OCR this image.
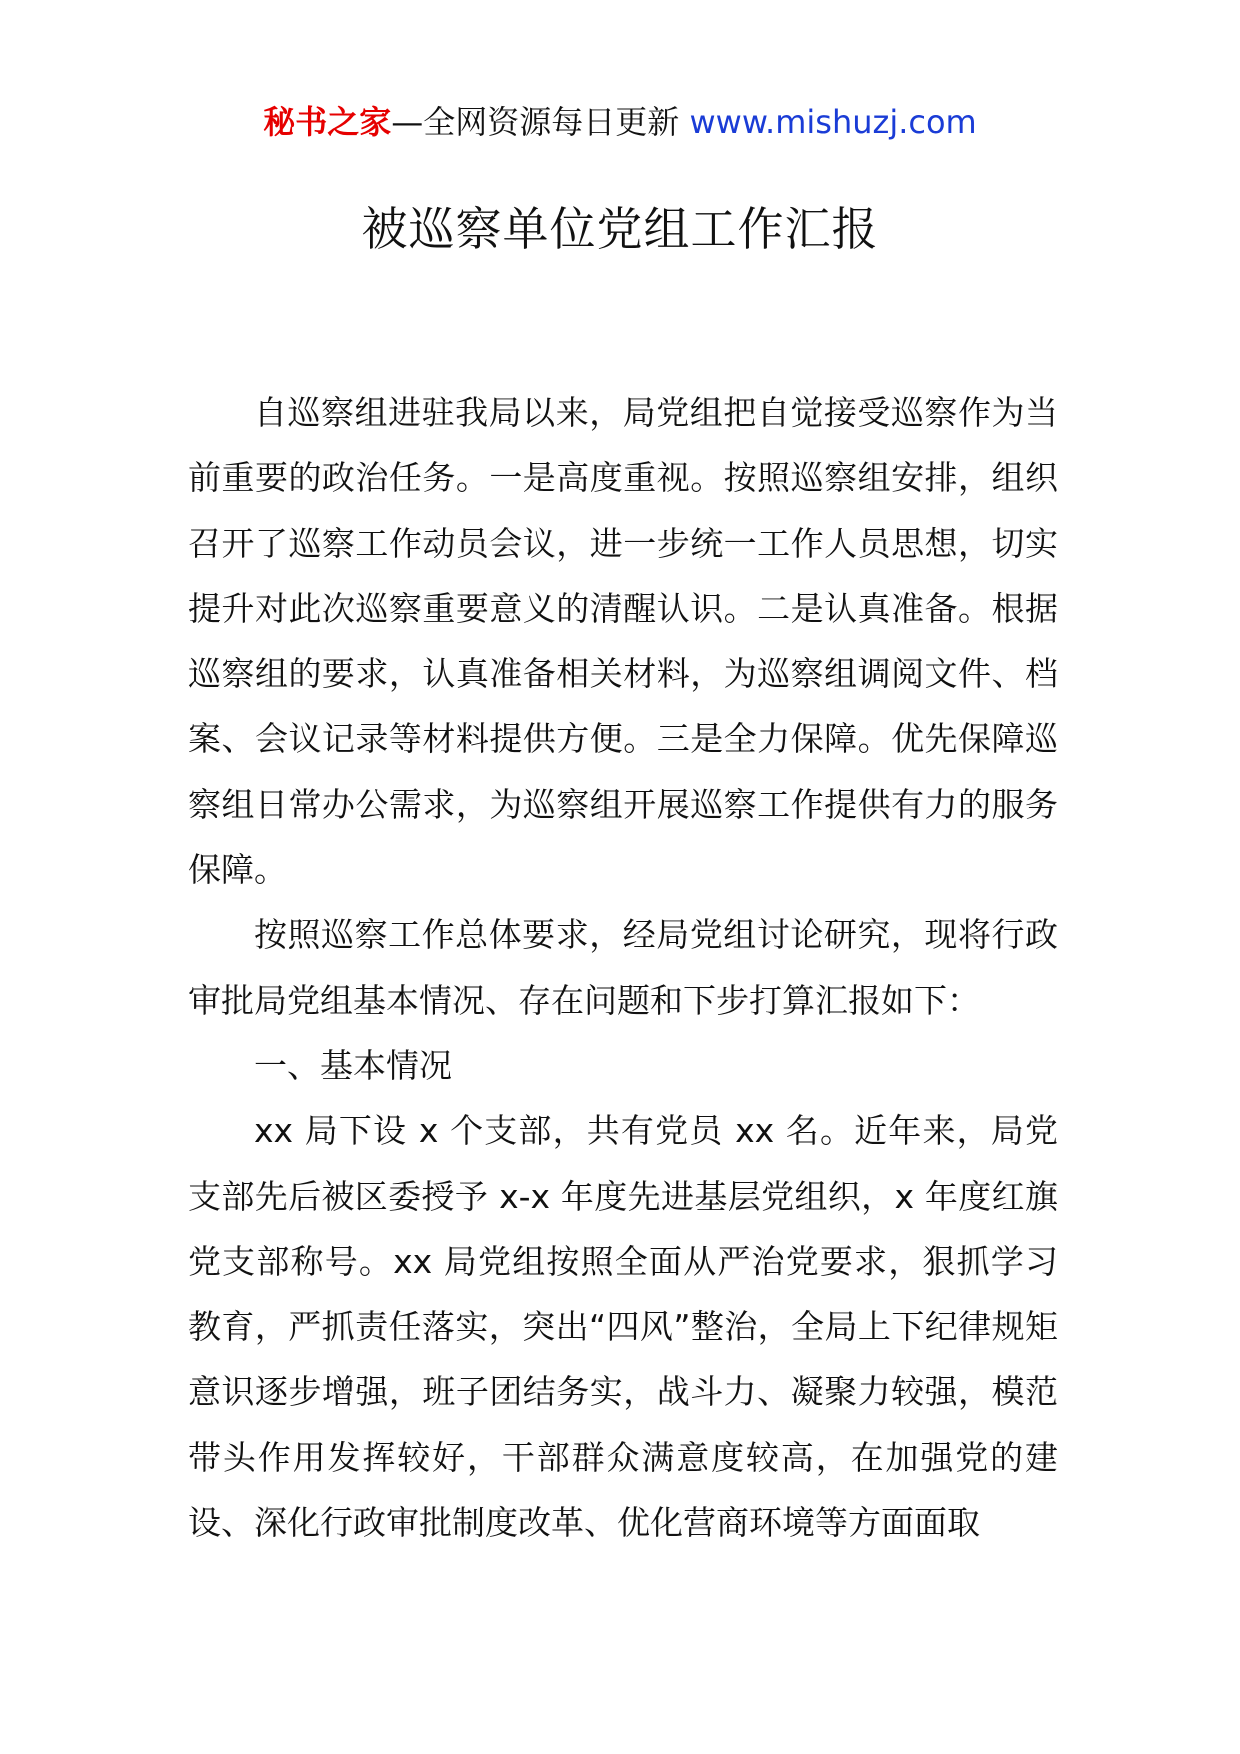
秘书之家—全网资源每日更新 www.mishuzj.com
被巡察单位党组工作汇报

自巡察组进驻我局以来，局党组把自觉接受巡察作为当前重要的政治任务。一是高度重视。按照巡察组安排，组织召开了巡察工作动员会议，进一步统一工作人员思想，切实提升对此次巡察重要意义的清醒认识。二是认真准备。根据巡察组的要求，认真准备相关材料，为巡察组调阅文件、档案、会议记录等材料提供方便。三是全力保障。优先保障巡察组日常办公需求，为巡察组开展巡察工作提供有力的服务保障。

按照巡察工作总体要求，经局党组讨论研究，现将行政审批局党组基本情况、存在问题和下步打算汇报如下：

一、基本情况

xx 局下设 x 个支部，共有党员 xx 名。近年来，局党支部先后被区委授予 x-x 年度先进基层党组织，x 年度红旗党支部称号。xx 局党组按照全面从严治党要求，狠抓学习教育，严抓责任落实，突出“四风”整治，全局上下纪律规矩意识逐步增强，班子团结务实，战斗力、凝聚力较强，模范带头作用发挥较好，干部群众满意度较高，在加强党的建设、深化行政审批制度改革、优化营商环境等方面面取
